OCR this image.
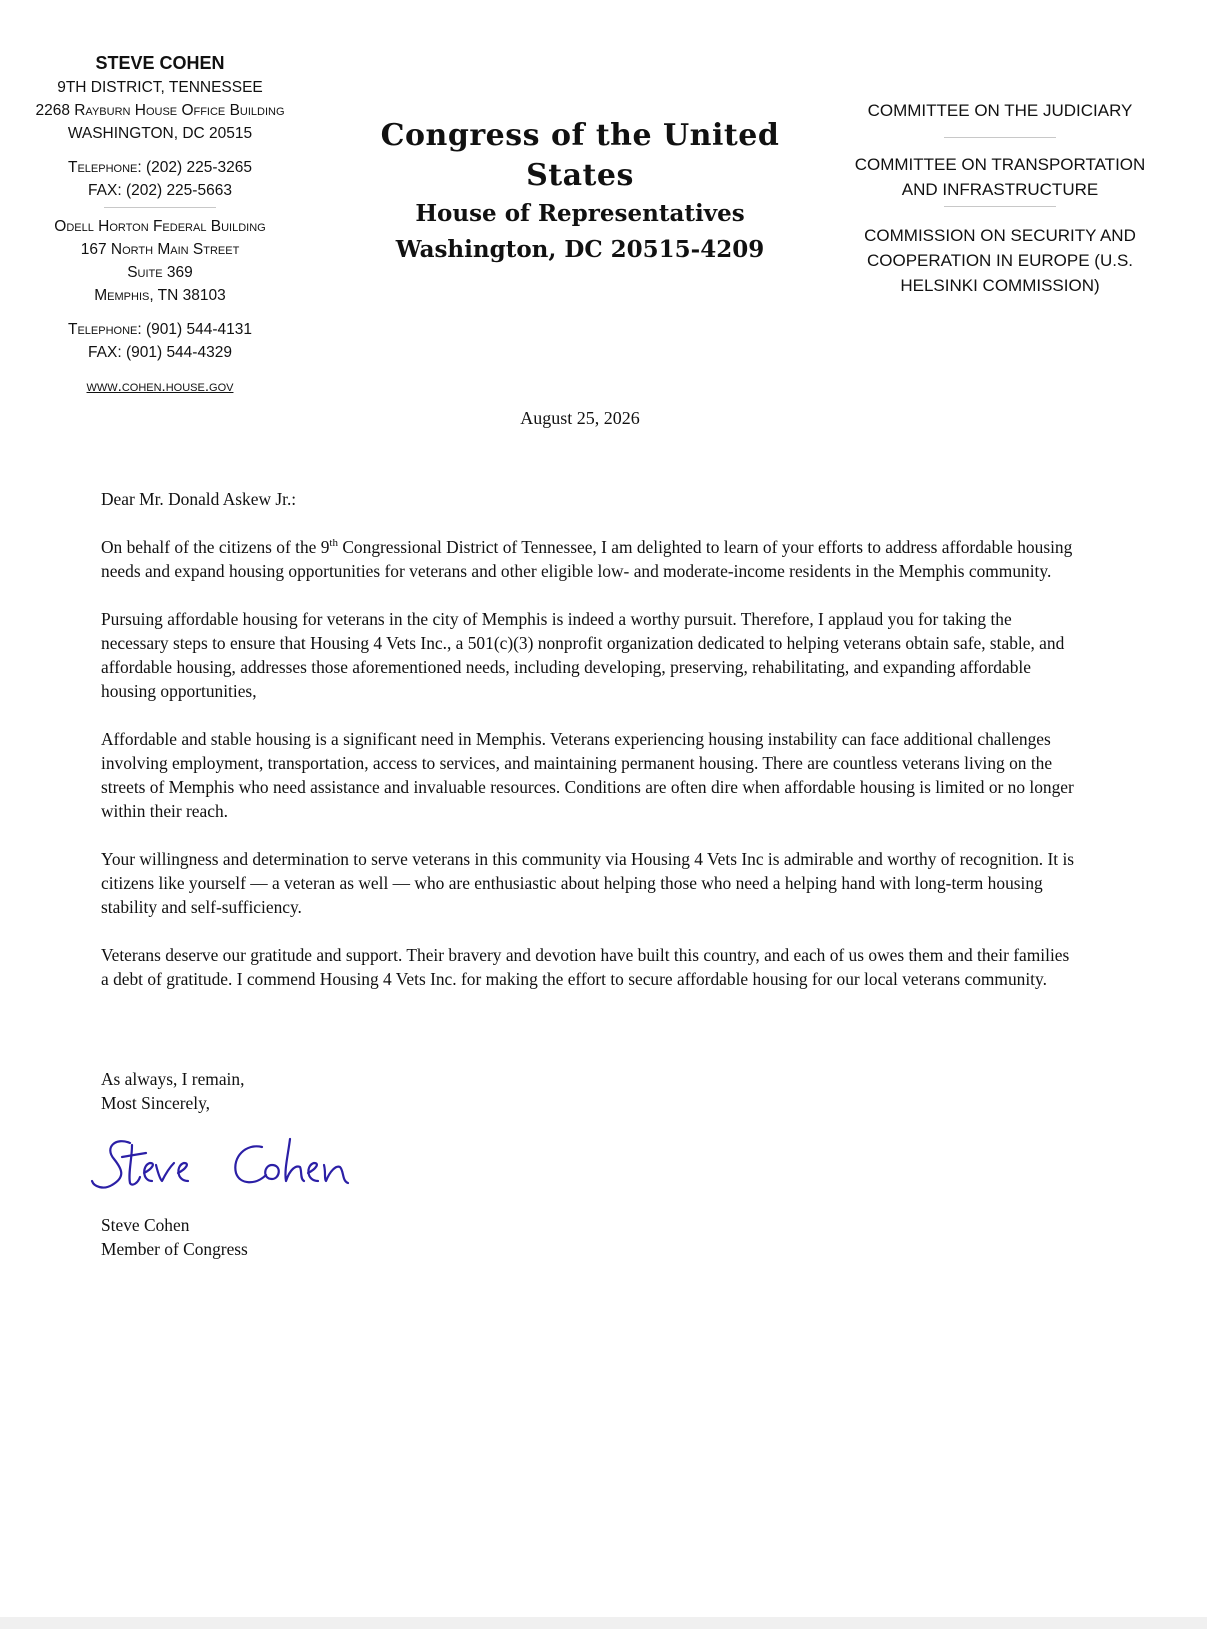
STEVE COHEN
9TH DISTRICT, TENNESSEE
2268 Rayburn House Office Building
WASHINGTON, DC 20515
Telephone: (202) 225-3265
FAX: (202) 225-5663
Odell Horton Federal Building
167 North Main Street
Suite 369
Memphis, TN 38103
Telephone: (901) 544-4131
FAX: (901) 544-4329
www.cohen.house.gov
Congress of the United States
House of Representatives
Washington, DC 20515-4209
COMMITTEE ON THE JUDICIARY
COMMITTEE ON TRANSPORTATION
AND INFRASTRUCTURE
COMMISSION ON SECURITY AND
COOPERATION IN EUROPE (U.S.
HELSINKI COMMISSION)
August 25, 2026

Dear Mr. Donald Askew Jr.:

On behalf of the citizens of the 9th Congressional District of Tennessee, I am delighted to learn of your efforts to address affordable housing needs and expand housing opportunities for veterans and other eligible low- and moderate-income residents in the Memphis community.

Pursuing affordable housing for veterans in the city of Memphis is indeed a worthy pursuit. Therefore, I applaud you for taking the necessary steps to ensure that Housing 4 Vets Inc., a 501(c)(3) nonprofit organization dedicated to helping veterans obtain safe, stable, and affordable housing, addresses those aforementioned needs, including developing, preserving, rehabilitating, and expanding affordable housing opportunities,

Affordable and stable housing is a significant need in Memphis. Veterans experiencing housing instability can face additional challenges involving employment, transportation, access to services, and maintaining permanent housing. There are countless veterans living on the streets of Memphis who need assistance and invaluable resources. Conditions are often dire when affordable housing is limited or no longer within their reach.

Your willingness and determination to serve veterans in this community via Housing 4 Vets Inc is admirable and worthy of recognition. It is citizens like yourself — a veteran as well — who are enthusiastic about helping those who need a helping hand with long-term housing stability and self-sufficiency.

Veterans deserve our gratitude and support. Their bravery and devotion have built this country, and each of us owes them and their families a debt of gratitude. I commend Housing 4 Vets Inc. for making the effort to secure affordable housing for our local veterans community.

As always, I remain,
Most Sincerely,
Steve Cohen
Member of Congress
